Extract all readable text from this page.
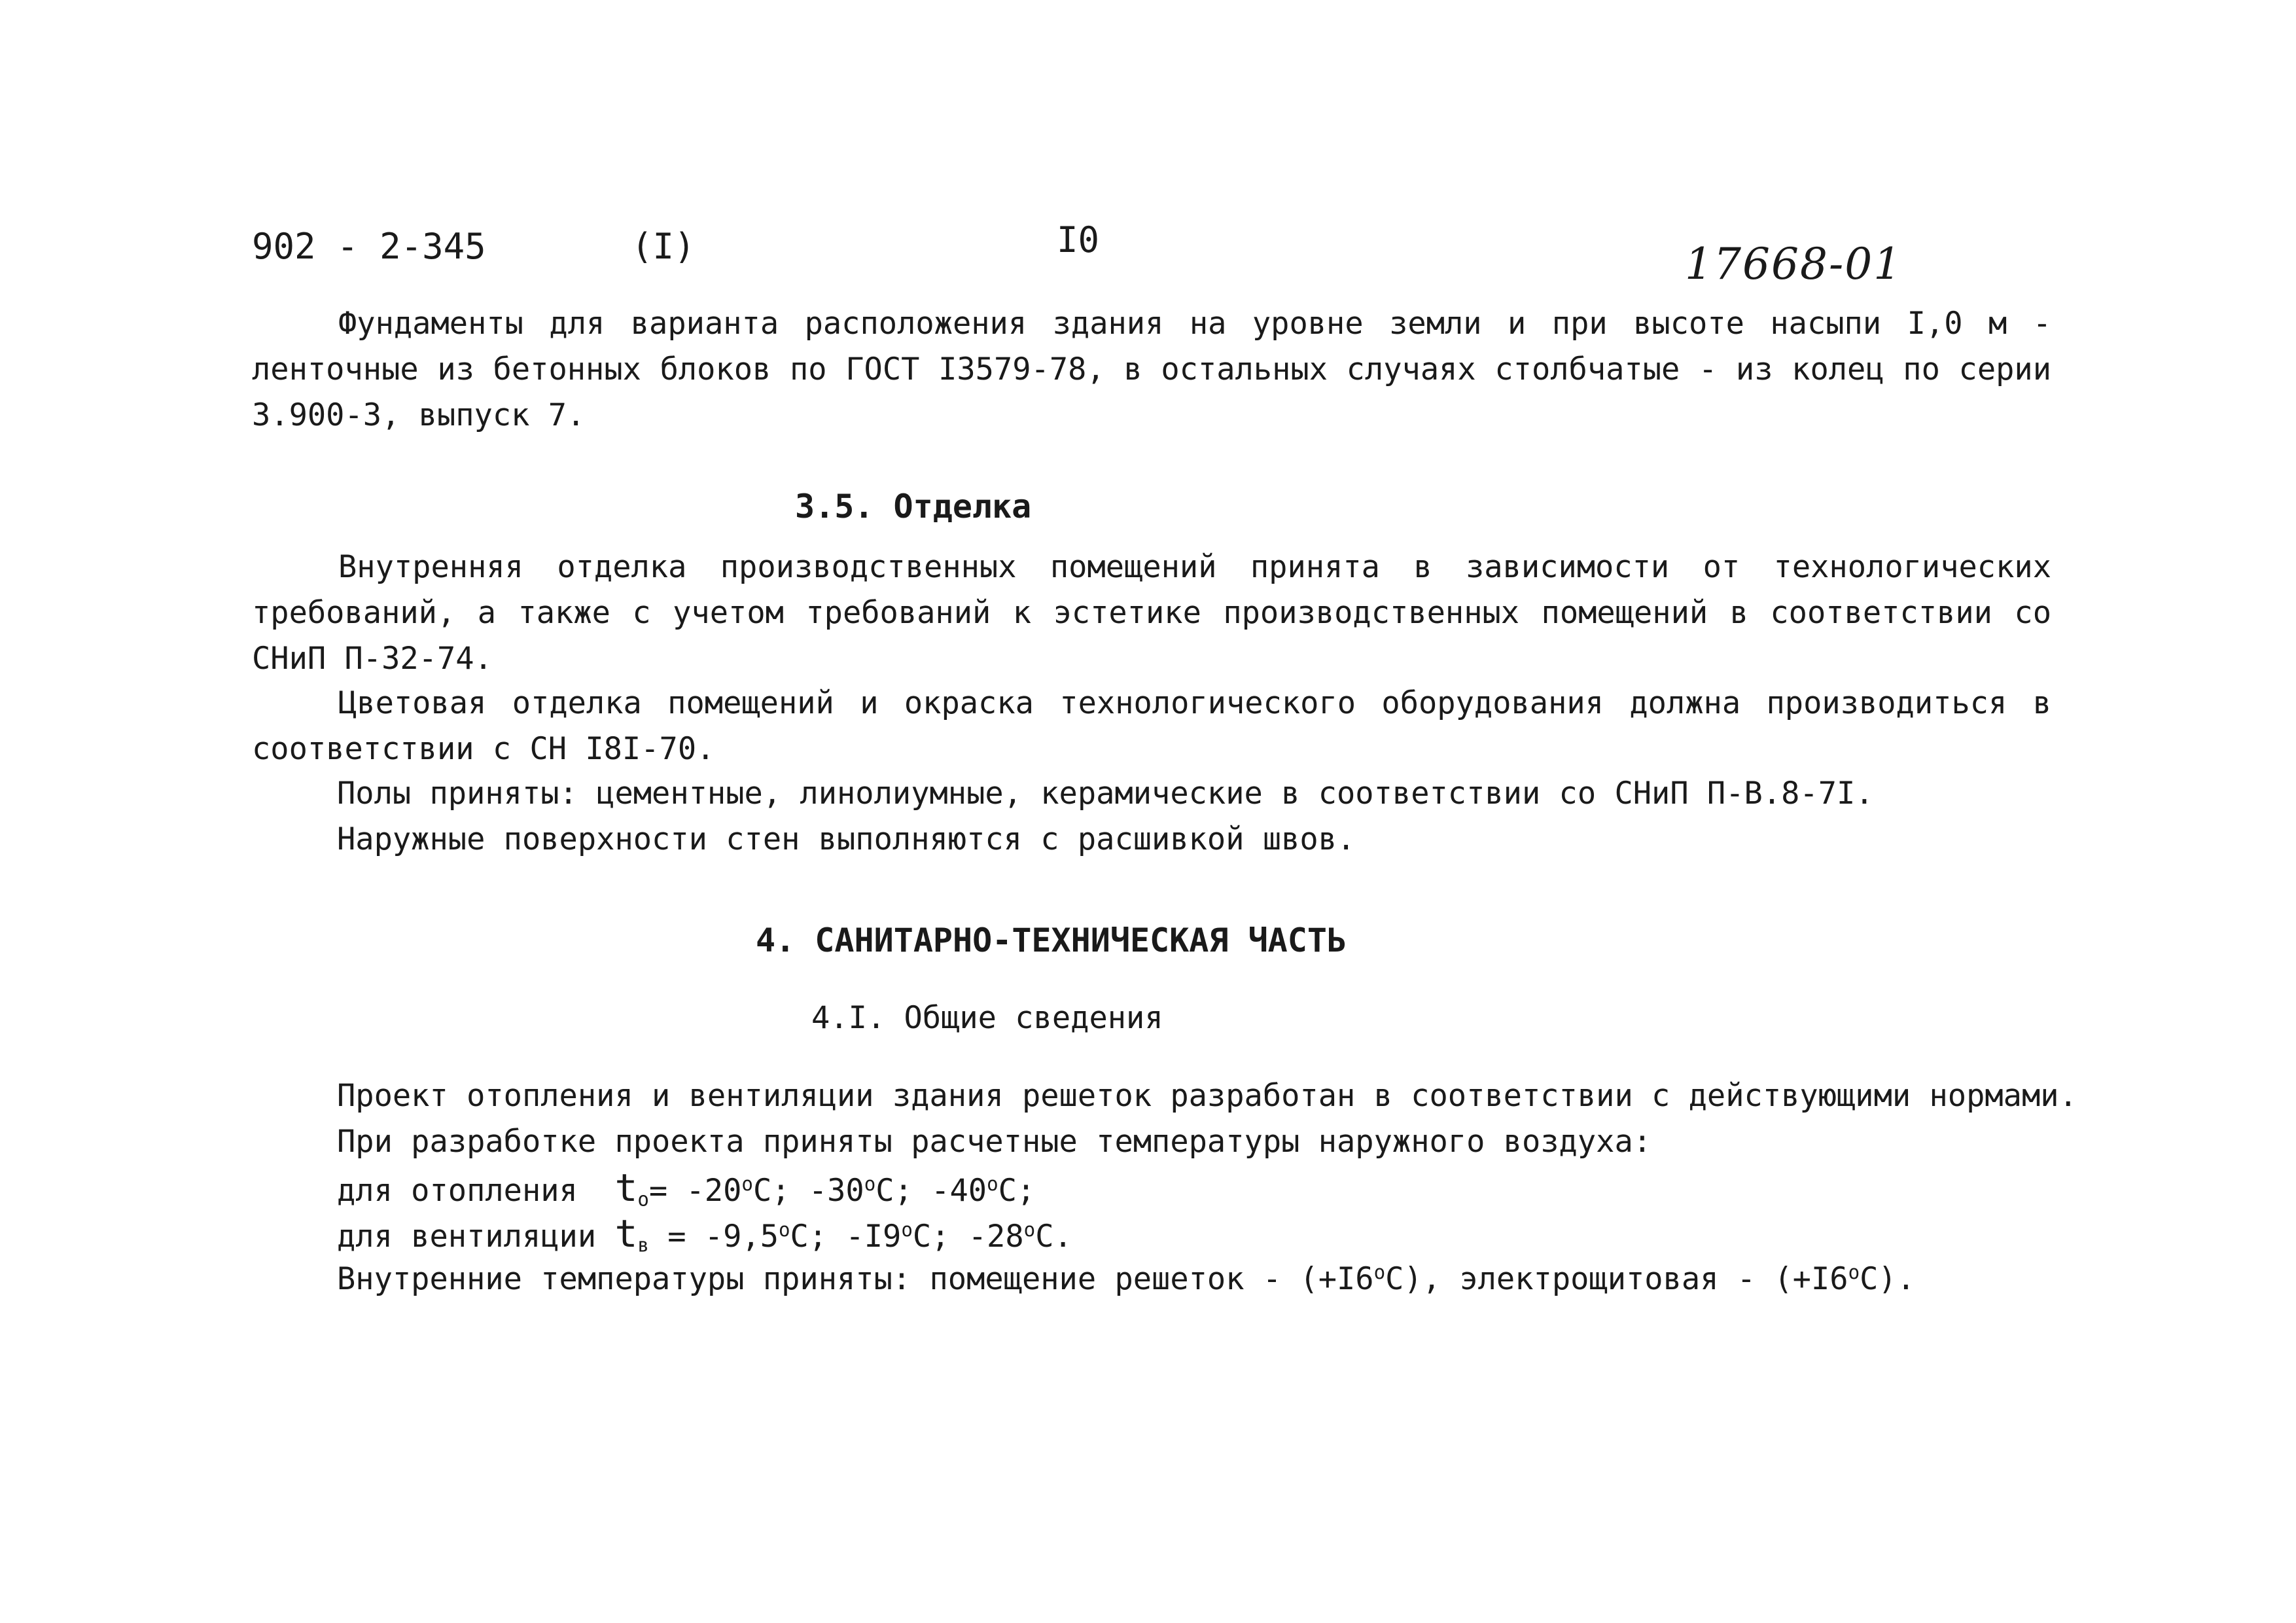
902 - 2-345	(I)	I0	17668-01
Фундаменты для варианта расположения здания на уровне земли и при высоте насыпи I,0 м - ленточные из бетонных блоков по ГОСТ I3579-78, в остальных случаях столбчатые - из колец по серии 3.900-3, выпуск 7.
3.5. Отделка
Внутренняя отделка производственных помещений принята в зависимости от технологических требований, а также с учетом требований к эстетике производственных помещений в соответствии со СНиП П-32-74.
Цветовая отделка помещений и окраска технологического оборудования должна производиться в соответствии с СН I8I-70.
Полы приняты: цементные, линолиумные, керамические в соответствии со СНиП П-В.8-7I.
Наружные поверхности стен выполняются с расшивкой швов.
4. САНИТАРНО-ТЕХНИЧЕСКАЯ ЧАСТЬ
4.I. Общие сведения
Проект отопления и вентиляции здания решеток разработан в соответствии с действующими нормами.
При разработке проекта приняты расчетные температуры наружного воздуха:
для отопления $t_о= -20^oC$; -30$^o$C; -40$^o$C;
для вентиляции $t_в = -9,5^oC$; -I9$^o$C; -28$^o$C.
Внутренние температуры приняты: помещение решеток - $(+I6^oC)$, электрощитовая - $(+I6^oC)$.
